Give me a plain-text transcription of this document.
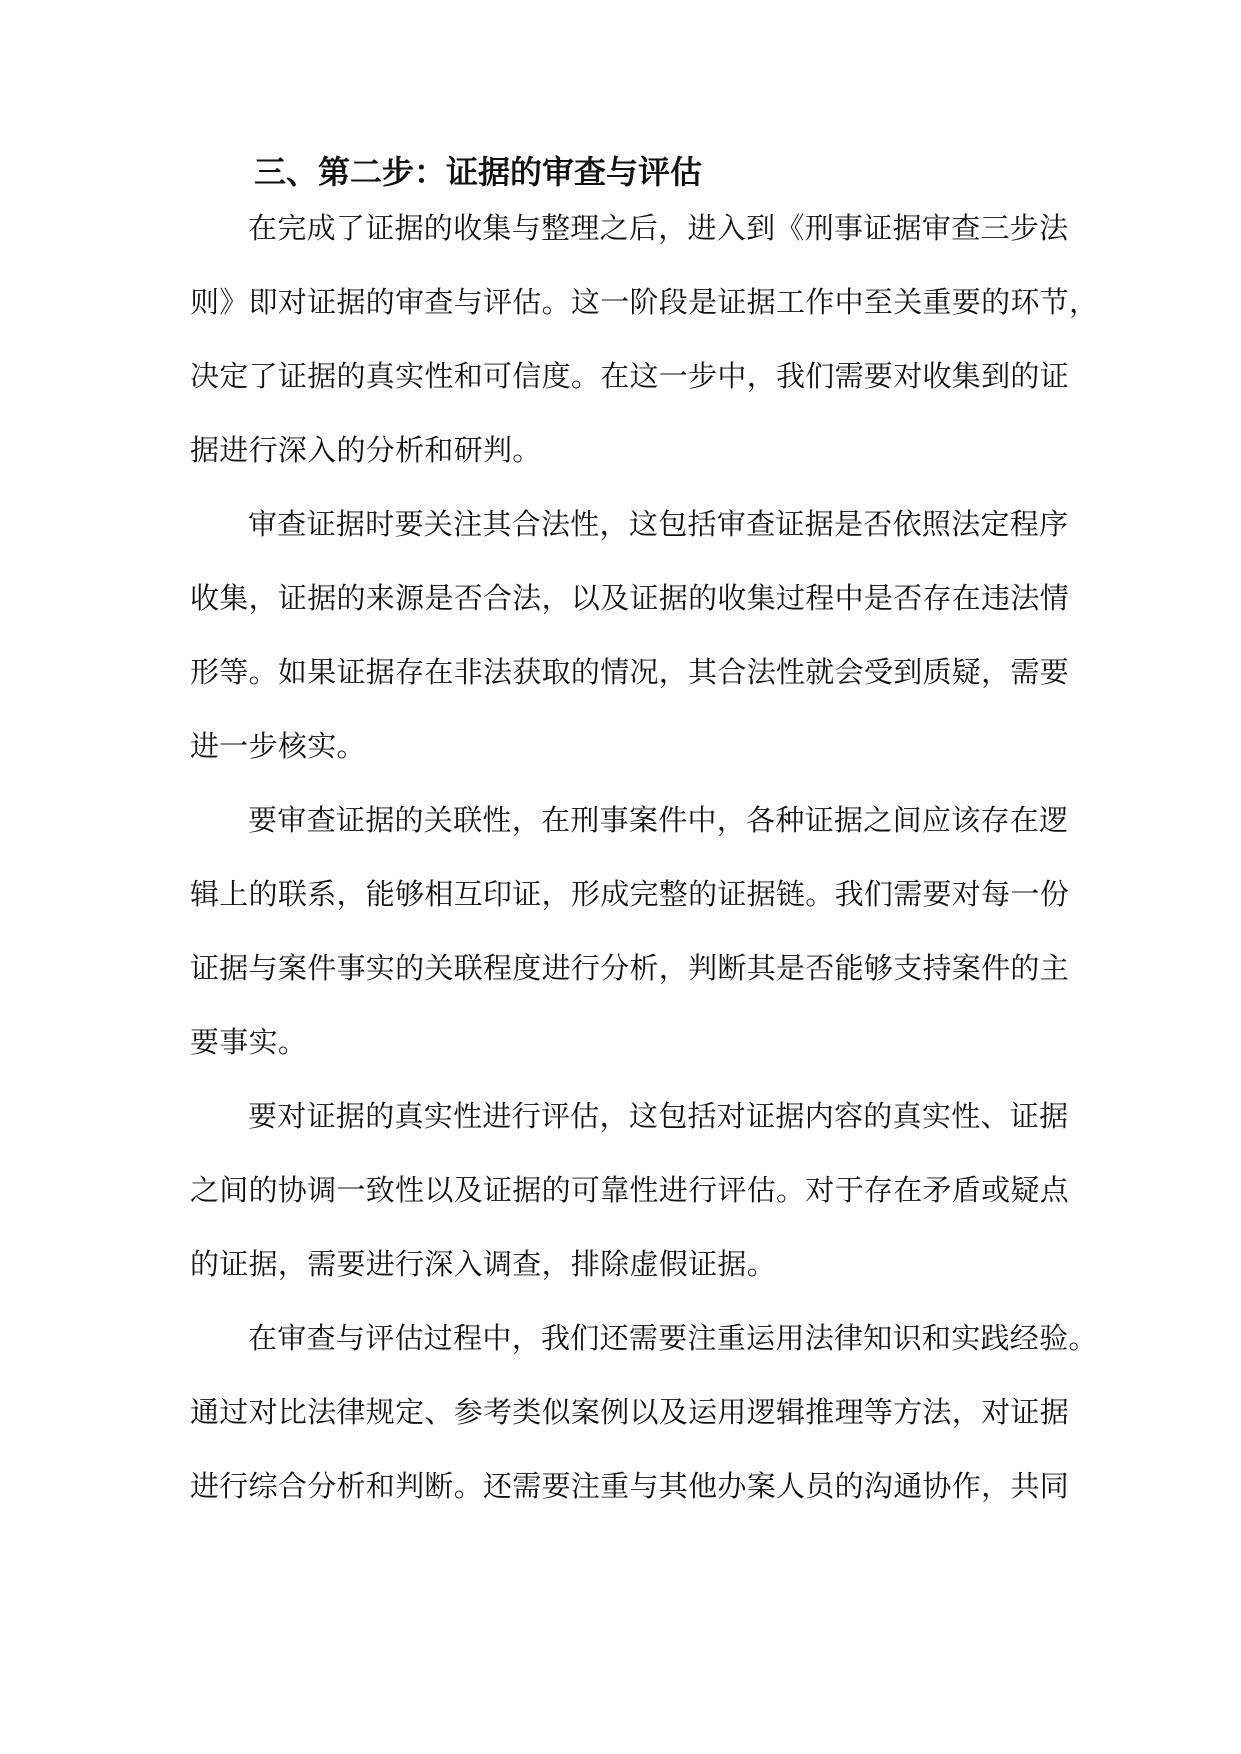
三、第二步：证据的审查与评估

在完成了证据的收集与整理之后，进入到《刑事证据审查三步法

则》即对证据的审查与评估。这一阶段是证据工作中至关重要的环节，

决定了证据的真实性和可信度。在这一步中，我们需要对收集到的证

据进行深入的分析和研判。

审查证据时要关注其合法性，这包括审查证据是否依照法定程序

收集，证据的来源是否合法，以及证据的收集过程中是否存在违法情

形等。如果证据存在非法获取的情况，其合法性就会受到质疑，需要

进一步核实。

要审查证据的关联性，在刑事案件中，各种证据之间应该存在逻

辑上的联系，能够相互印证，形成完整的证据链。我们需要对每一份

证据与案件事实的关联程度进行分析，判断其是否能够支持案件的主

要事实。

要对证据的真实性进行评估，这包括对证据内容的真实性、证据

之间的协调一致性以及证据的可靠性进行评估。对于存在矛盾或疑点

的证据，需要进行深入调查，排除虚假证据。

在审查与评估过程中，我们还需要注重运用法律知识和实践经验。

通过对比法律规定、参考类似案例以及运用逻辑推理等方法，对证据

进行综合分析和判断。还需要注重与其他办案人员的沟通协作，共同
